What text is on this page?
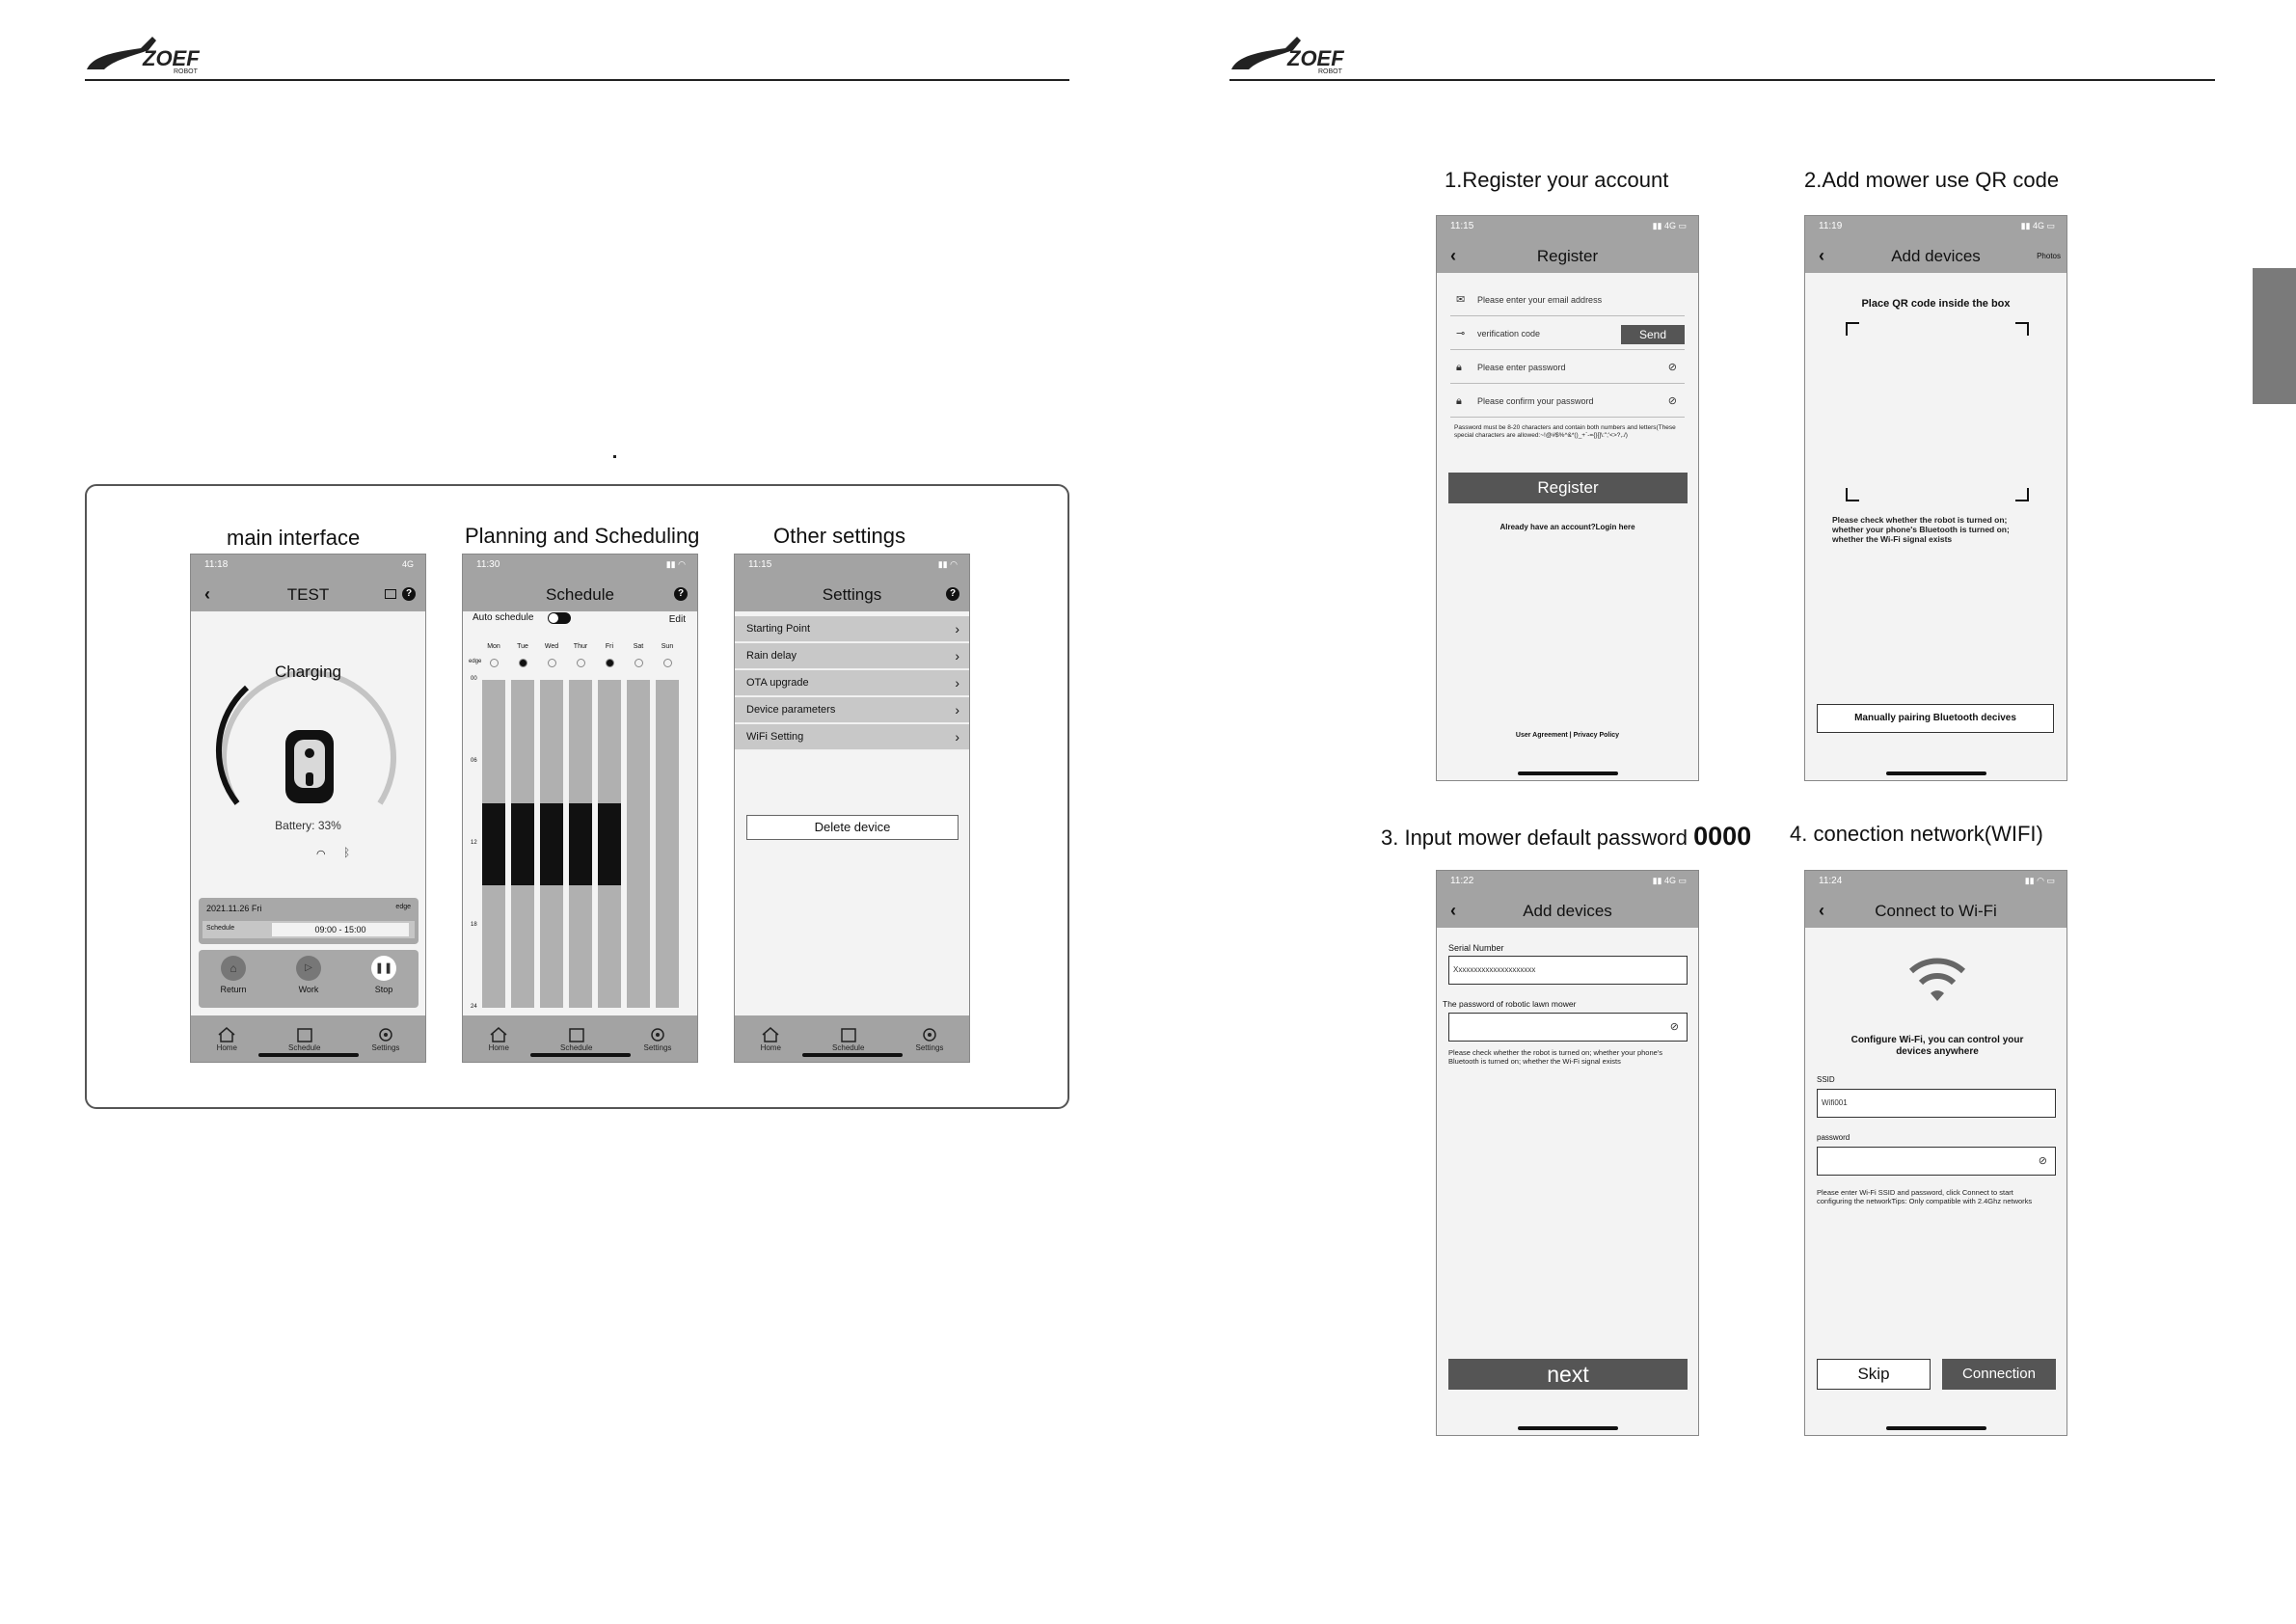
ZOEF
ROBOT
main interface	Planning and Scheduling	Other settings
11:18	4G
‹	TEST	?
Charging
Battery: 33%
◠ ᛒ
2021.11.26 Fri	edge
Schedule	09:00 - 15:00
⌂
Return
▷
Work
❚❚
Stop
Home	Schedule	Settings
11:30	▮▮ ◠
Schedule	?
Auto schedule	Edit
Mon	Tue	Wed	Thur	Fri	Sat	Sun
edge
00
06
12
18
24
Home	Schedule	Settings
11:15	▮▮ ◠
Settings	?
Starting Point	›
Rain delay	›
OTA upgrade	›
Device parameters	›
WiFi Setting	›
Delete device
Home	Schedule	Settings
ZOEF
ROBOT
1.Register your account	2.Add mower use QR code
3. Input mower default password 0000 4. conection network(WIFI)
11:15	▮▮ 4G ▭
‹	Register
✉ Please enter your email address
⊸ verification code	Send
🔒︎ Please enter password	⊘
🔒︎ Please confirm your password	⊘
Password must be 8-20 characters and contain both numbers and letters(These special characters are allowed:~!@#$%^&*()_+`-={}[]\:";'<>?,./)
Register
Already have an account?Login here
User Agreement | Privacy Policy
11:19	▮▮ 4G ▭
‹	Add devices	Photos
Place QR code inside the box
Please check whether the robot is turned on; whether your phone's Bluetooth is turned on; whether the Wi-Fi signal exists
Manually pairing Bluetooth decives
11:22	▮▮ 4G ▭
‹	Add devices
Serial Number
Xxxxxxxxxxxxxxxxxxxxx
The password of robotic lawn mower
⊘
Please check whether the robot is turned on; whether your phone's Bluetooth is turned on; whether the Wi-Fi signal exists
next
11:24	▮▮ ◠ ▭
‹	Connect to Wi-Fi
Configure Wi-Fi, you can control your devices anywhere
SSID
Wifi001
password
⊘
Please enter Wi-Fi SSID and password, click Connect to start configuring the networkTips: Only compatible with 2.4Ghz networks
Skip	Connection
